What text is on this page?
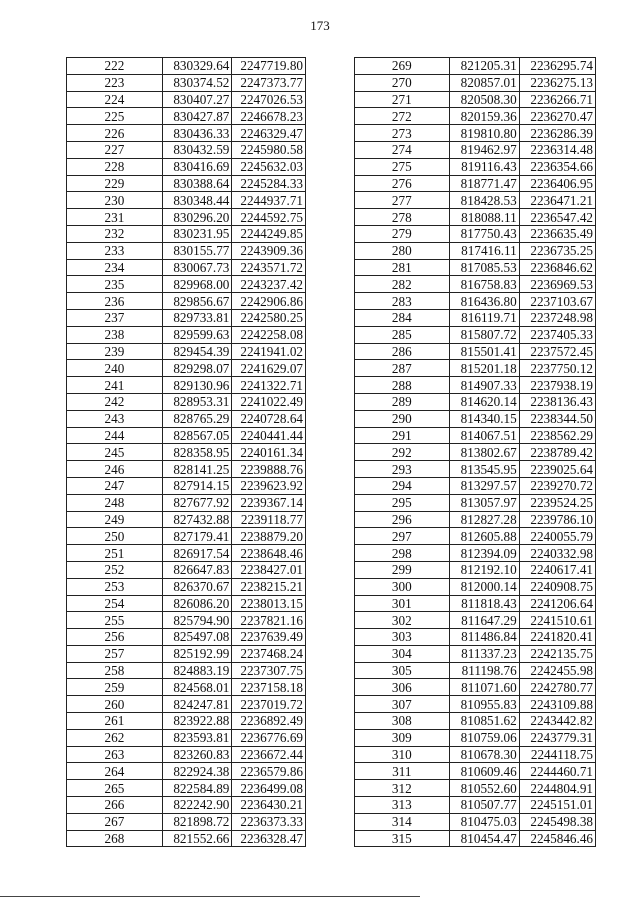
173
222	830329.64	2247719.80
223	830374.52	2247373.77
224	830407.27	2247026.53
225	830427.87	2246678.23
226	830436.33	2246329.47
227	830432.59	2245980.58
228	830416.69	2245632.03
229	830388.64	2245284.33
230	830348.44	2244937.71
231	830296.20	2244592.75
232	830231.95	2244249.85
233	830155.77	2243909.36
234	830067.73	2243571.72
235	829968.00	2243237.42
236	829856.67	2242906.86
237	829733.81	2242580.25
238	829599.63	2242258.08
239	829454.39	2241941.02
240	829298.07	2241629.07
241	829130.96	2241322.71
242	828953.31	2241022.49
243	828765.29	2240728.64
244	828567.05	2240441.44
245	828358.95	2240161.34
246	828141.25	2239888.76
247	827914.15	2239623.92
248	827677.92	2239367.14
249	827432.88	2239118.77
250	827179.41	2238879.20
251	826917.54	2238648.46
252	826647.83	2238427.01
253	826370.67	2238215.21
254	826086.20	2238013.15
255	825794.90	2237821.16
256	825497.08	2237639.49
257	825192.99	2237468.24
258	824883.19	2237307.75
259	824568.01	2237158.18
260	824247.81	2237019.72
261	823922.88	2236892.49
262	823593.81	2236776.69
263	823260.83	2236672.44
264	822924.38	2236579.86
265	822584.89	2236499.08
266	822242.90	2236430.21
267	821898.72	2236373.33
268	821552.66	2236328.47
269	821205.31	2236295.74
270	820857.01	2236275.13
271	820508.30	2236266.71
272	820159.36	2236270.47
273	819810.80	2236286.39
274	819462.97	2236314.48
275	819116.43	2236354.66
276	818771.47	2236406.95
277	818428.53	2236471.21
278	818088.11	2236547.42
279	817750.43	2236635.49
280	817416.11	2236735.25
281	817085.53	2236846.62
282	816758.83	2236969.53
283	816436.80	2237103.67
284	816119.71	2237248.98
285	815807.72	2237405.33
286	815501.41	2237572.45
287	815201.18	2237750.12
288	814907.33	2237938.19
289	814620.14	2238136.43
290	814340.15	2238344.50
291	814067.51	2238562.29
292	813802.67	2238789.42
293	813545.95	2239025.64
294	813297.57	2239270.72
295	813057.97	2239524.25
296	812827.28	2239786.10
297	812605.88	2240055.79
298	812394.09	2240332.98
299	812192.10	2240617.41
300	812000.14	2240908.75
301	811818.43	2241206.64
302	811647.29	2241510.61
303	811486.84	2241820.41
304	811337.23	2242135.75
305	811198.76	2242455.98
306	811071.60	2242780.77
307	810955.83	2243109.88
308	810851.62	2243442.82
309	810759.06	2243779.31
310	810678.30	2244118.75
311	810609.46	2244460.71
312	810552.60	2244804.91
313	810507.77	2245151.01
314	810475.03	2245498.38
315	810454.47	2245846.46
